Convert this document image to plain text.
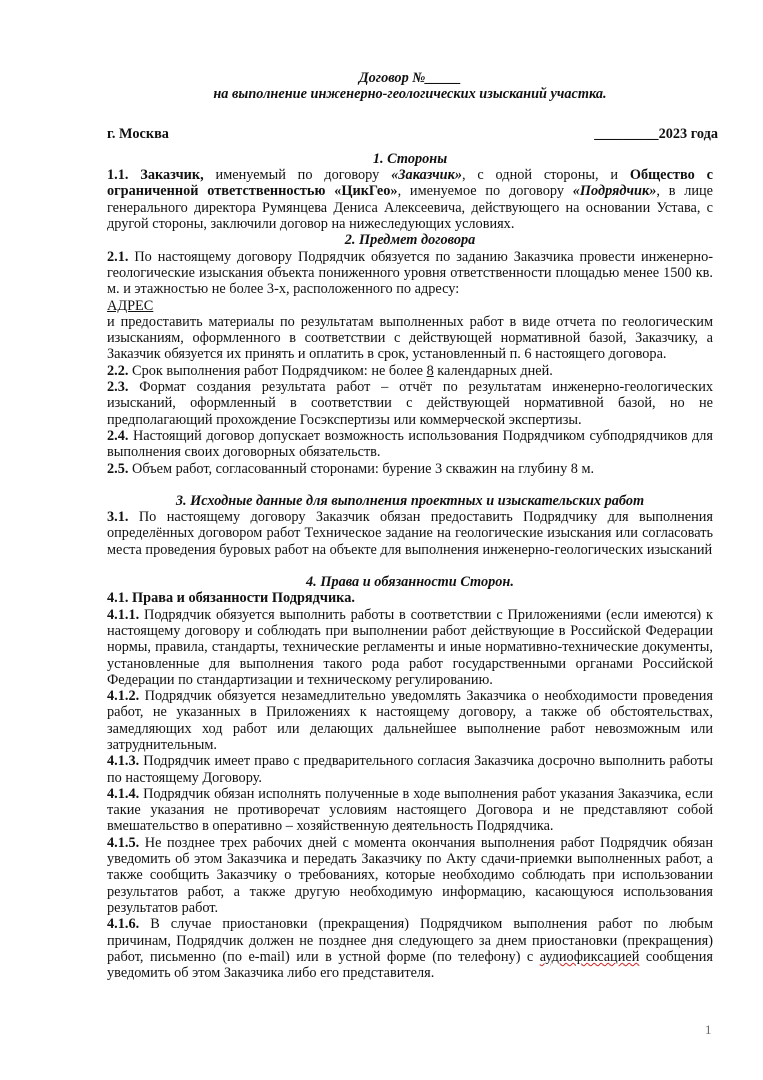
Договор №_____

на выполнение инженерно-геологических изысканий участка.

г. Москва	_________2023 года

1. Стороны

1.1. Заказчик, именуемый по договору «Заказчик», с одной стороны, и Общество с ограниченной ответственностью «ЦикГео», именуемое по договору «Подрядчик», в лице генерального директора Румянцева Дениса Алексеевича, действующего на основании Устава, с другой стороны, заключили договор на нижеследующих условиях.

2. Предмет договора

2.1. По настоящему договору Подрядчик обязуется по заданию Заказчика провести инженерно-геологические изыскания объекта пониженного уровня ответственности площадью менее 1500 кв. м. и этажностью не более 3-х, расположенного по адресу:

АДРЕС

и предоставить материалы по результатам выполненных работ в виде отчета по геологическим изысканиям, оформленного в соответствии с действующей нормативной базой, Заказчику, а Заказчик обязуется их принять и оплатить в срок, установленный п. 6 настоящего договора.

2.2. Срок выполнения работ Подрядчиком: не более 8 календарных дней.

2.3. Формат создания результата работ – отчёт по результатам инженерно-геологических изысканий, оформленный в соответствии с действующей нормативной базой, но не предполагающий прохождение Госэкспертизы или коммерческой экспертизы.

2.4. Настоящий договор допускает возможность использования Подрядчиком субподрядчиков для выполнения своих договорных обязательств.

2.5. Объем работ, согласованный сторонами: бурение 3 скважин на глубину 8 м.

3. Исходные данные для выполнения проектных и изыскательских работ

3.1. По настоящему договору Заказчик обязан предоставить Подрядчику для выполнения определённых договором работ Техническое задание на геологические изыскания или согласовать места проведения буровых работ на объекте для выполнения инженерно-геологических изысканий

4. Права и обязанности Сторон.

4.1. Права и обязанности Подрядчика.

4.1.1. Подрядчик обязуется выполнить работы в соответствии с Приложениями (если имеются) к настоящему договору и соблюдать при выполнении работ действующие в Российской Федерации нормы, правила, стандарты, технические регламенты и иные нормативно-технические документы, установленные для выполнения такого рода работ государственными органами Российской Федерации по стандартизации и техническому регулированию.

4.1.2. Подрядчик обязуется незамедлительно уведомлять Заказчика о необходимости проведения работ, не указанных в Приложениях к настоящему договору, а также об обстоятельствах, замедляющих ход работ или делающих дальнейшее выполнение работ невозможным или затруднительным.

4.1.3. Подрядчик имеет право с предварительного согласия Заказчика досрочно выполнить работы по настоящему Договору.

4.1.4. Подрядчик обязан исполнять полученные в ходе выполнения работ указания Заказчика, если такие указания не противоречат условиям настоящего Договора и не представляют собой вмешательство в оперативно – хозяйственную деятельность Подрядчика.

4.1.5. Не позднее трех рабочих дней с момента окончания выполнения работ Подрядчик обязан уведомить об этом Заказчика и передать Заказчику по Акту сдачи-приемки выполненных работ, а также сообщить Заказчику о требованиях, которые необходимо соблюдать при использовании результатов работ, а также другую необходимую информацию, касающуюся использования результатов работ.

4.1.6. В случае приостановки (прекращения) Подрядчиком выполнения работ по любым причинам, Подрядчик должен не позднее дня следующего за днем приостановки (прекращения) работ, письменно (по e-mail) или в устной форме (по телефону) с аудиофиксацией сообщения уведомить об этом Заказчика либо его представителя.

1
